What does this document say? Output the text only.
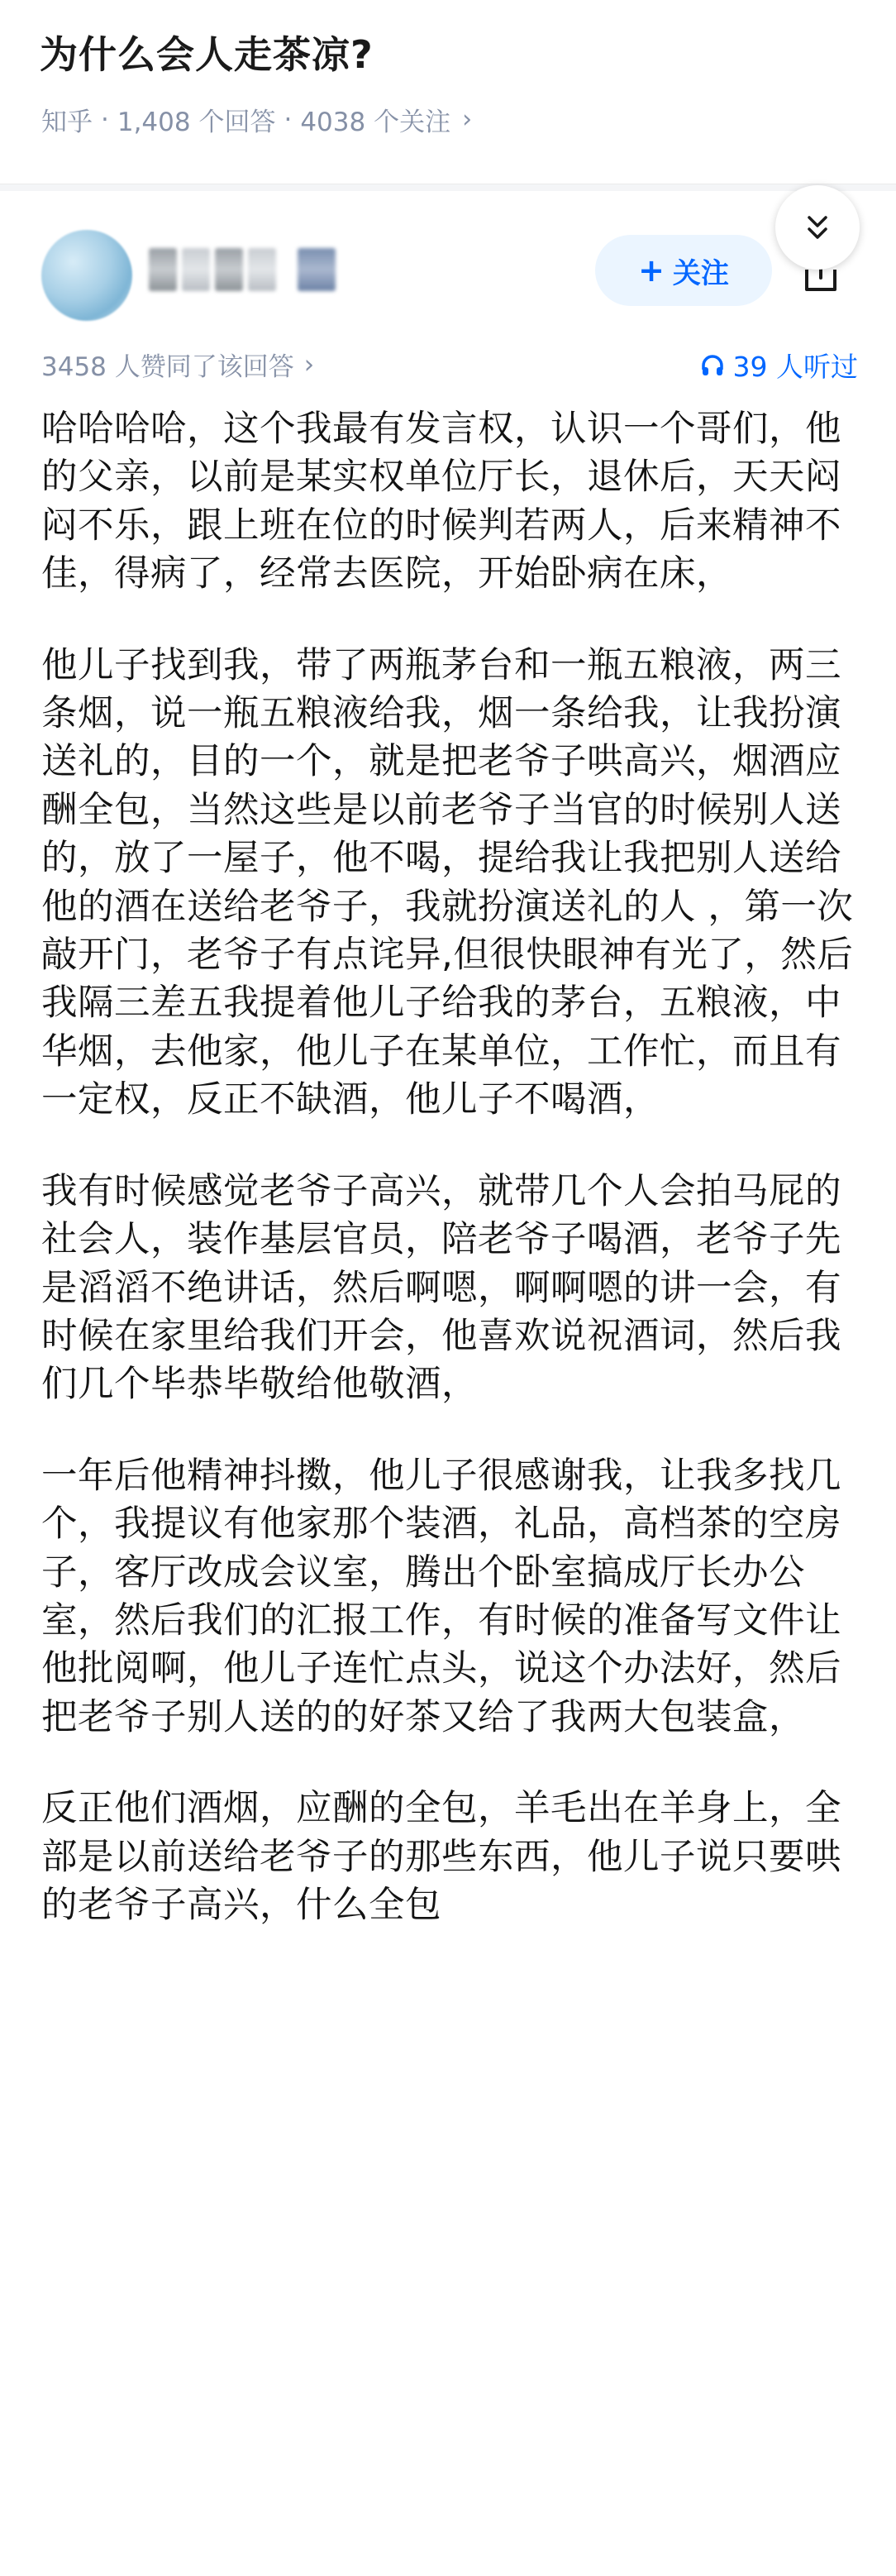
为什么会人走茶凉?
知乎 · 1,408 个回答 · 4038 个关注 ›
+ 关注
3458 人赞同了该回答 ›	39 人听过

哈哈哈哈，这个我最有发言权，认识一个哥们，他的父亲，以前是某实权单位厅长，退休后，天天闷闷不乐，跟上班在位的时候判若两人，后来精神不佳，得病了，经常去医院，开始卧病在床，

他儿子找到我，带了两瓶茅台和一瓶五粮液，两三条烟，说一瓶五粮液给我，烟一条给我，让我扮演送礼的，目的一个，就是把老爷子哄高兴，烟酒应酬全包，当然这些是以前老爷子当官的时候别人送的，放了一屋子，他不喝，提给我让我把别人送给他的酒在送给老爷子，我就扮演送礼的人 ，第一次敲开门，老爷子有点诧异,但很快眼神有光了，然后我隔三差五我提着他儿子给我的茅台，五粮液，中华烟，去他家，他儿子在某单位，工作忙，而且有一定权，反正不缺酒，他儿子不喝酒，

我有时候感觉老爷子高兴，就带几个人会拍马屁的社会人，装作基层官员，陪老爷子喝酒，老爷子先是滔滔不绝讲话，然后啊嗯，啊啊嗯的讲一会，有时候在家里给我们开会，他喜欢说祝酒词，然后我们几个毕恭毕敬给他敬酒，

一年后他精神抖擞，他儿子很感谢我，让我多找几个，我提议有他家那个装酒，礼品，高档茶的空房子，客厅改成会议室，腾出个卧室搞成厅长办公室，然后我们的汇报工作，有时候的准备写文件让他批阅啊，他儿子连忙点头，说这个办法好，然后把老爷子别人送的的好茶又给了我两大包装盒，

反正他们酒烟，应酬的全包，羊毛出在羊身上，全部是以前送给老爷子的那些东西，他儿子说只要哄的老爷子高兴，什么全包
